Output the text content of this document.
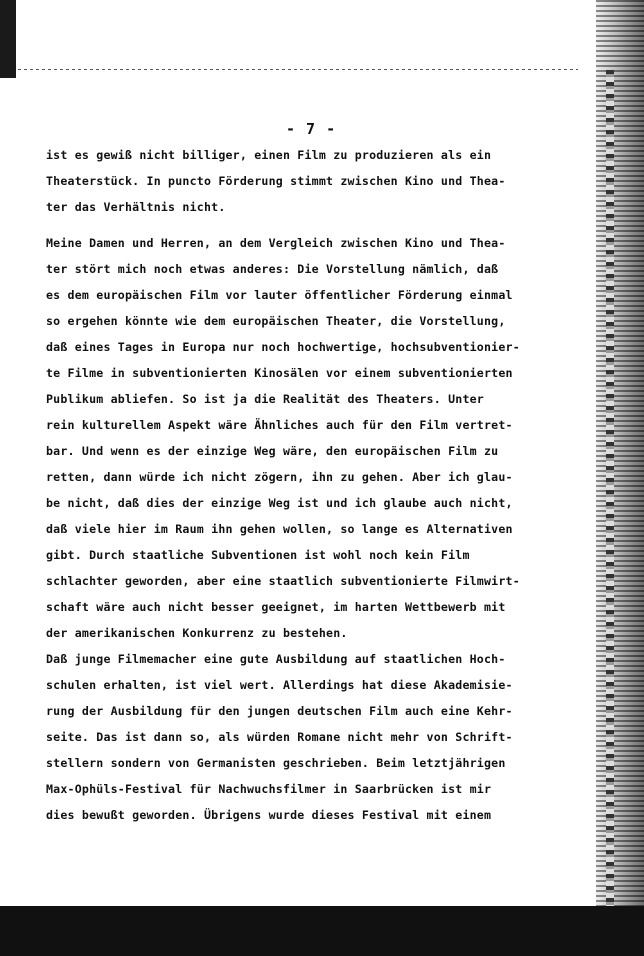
- 7 -
ist es gewiß nicht billiger, einen Film zu produzieren als ein
Theaterstück. In puncto Förderung stimmt zwischen Kino und Thea-
ter das Verhältnis nicht.
Meine Damen und Herren, an dem Vergleich zwischen Kino und Thea-
ter stört mich noch etwas anderes: Die Vorstellung nämlich, daß
es dem europäischen Film vor lauter öffentlicher Förderung einmal
so ergehen könnte wie dem europäischen Theater, die Vorstellung,
daß eines Tages in Europa nur noch hochwertige, hochsubventionier-
te Filme in subventionierten Kinosälen vor einem subventionierten
Publikum abliefen. So ist ja die Realität des Theaters. Unter
rein kulturellem Aspekt wäre Ähnliches auch für den Film vertret-
bar. Und wenn es der einzige Weg wäre, den europäischen Film zu
retten, dann würde ich nicht zögern, ihn zu gehen. Aber ich glau-
be nicht, daß dies der einzige Weg ist und ich glaube auch nicht,
daß viele hier im Raum ihn gehen wollen, so lange es Alternativen
gibt. Durch staatliche Subventionen ist wohl noch kein Film
schlachter geworden, aber eine staatlich subventionierte Filmwirt-
schaft wäre auch nicht besser geeignet, im harten Wettbewerb mit
der amerikanischen Konkurrenz zu bestehen.
Daß junge Filmemacher eine gute Ausbildung auf staatlichen Hoch-
schulen erhalten, ist viel wert. Allerdings hat diese Akademisie-
rung der Ausbildung für den jungen deutschen Film auch eine Kehr-
seite. Das ist dann so, als würden Romane nicht mehr von Schrift-
stellern sondern von Germanisten geschrieben. Beim letztjährigen
Max-Ophüls-Festival für Nachwuchsfilmer in Saarbrücken ist mir
dies bewußt geworden. Übrigens wurde dieses Festival mit einem
